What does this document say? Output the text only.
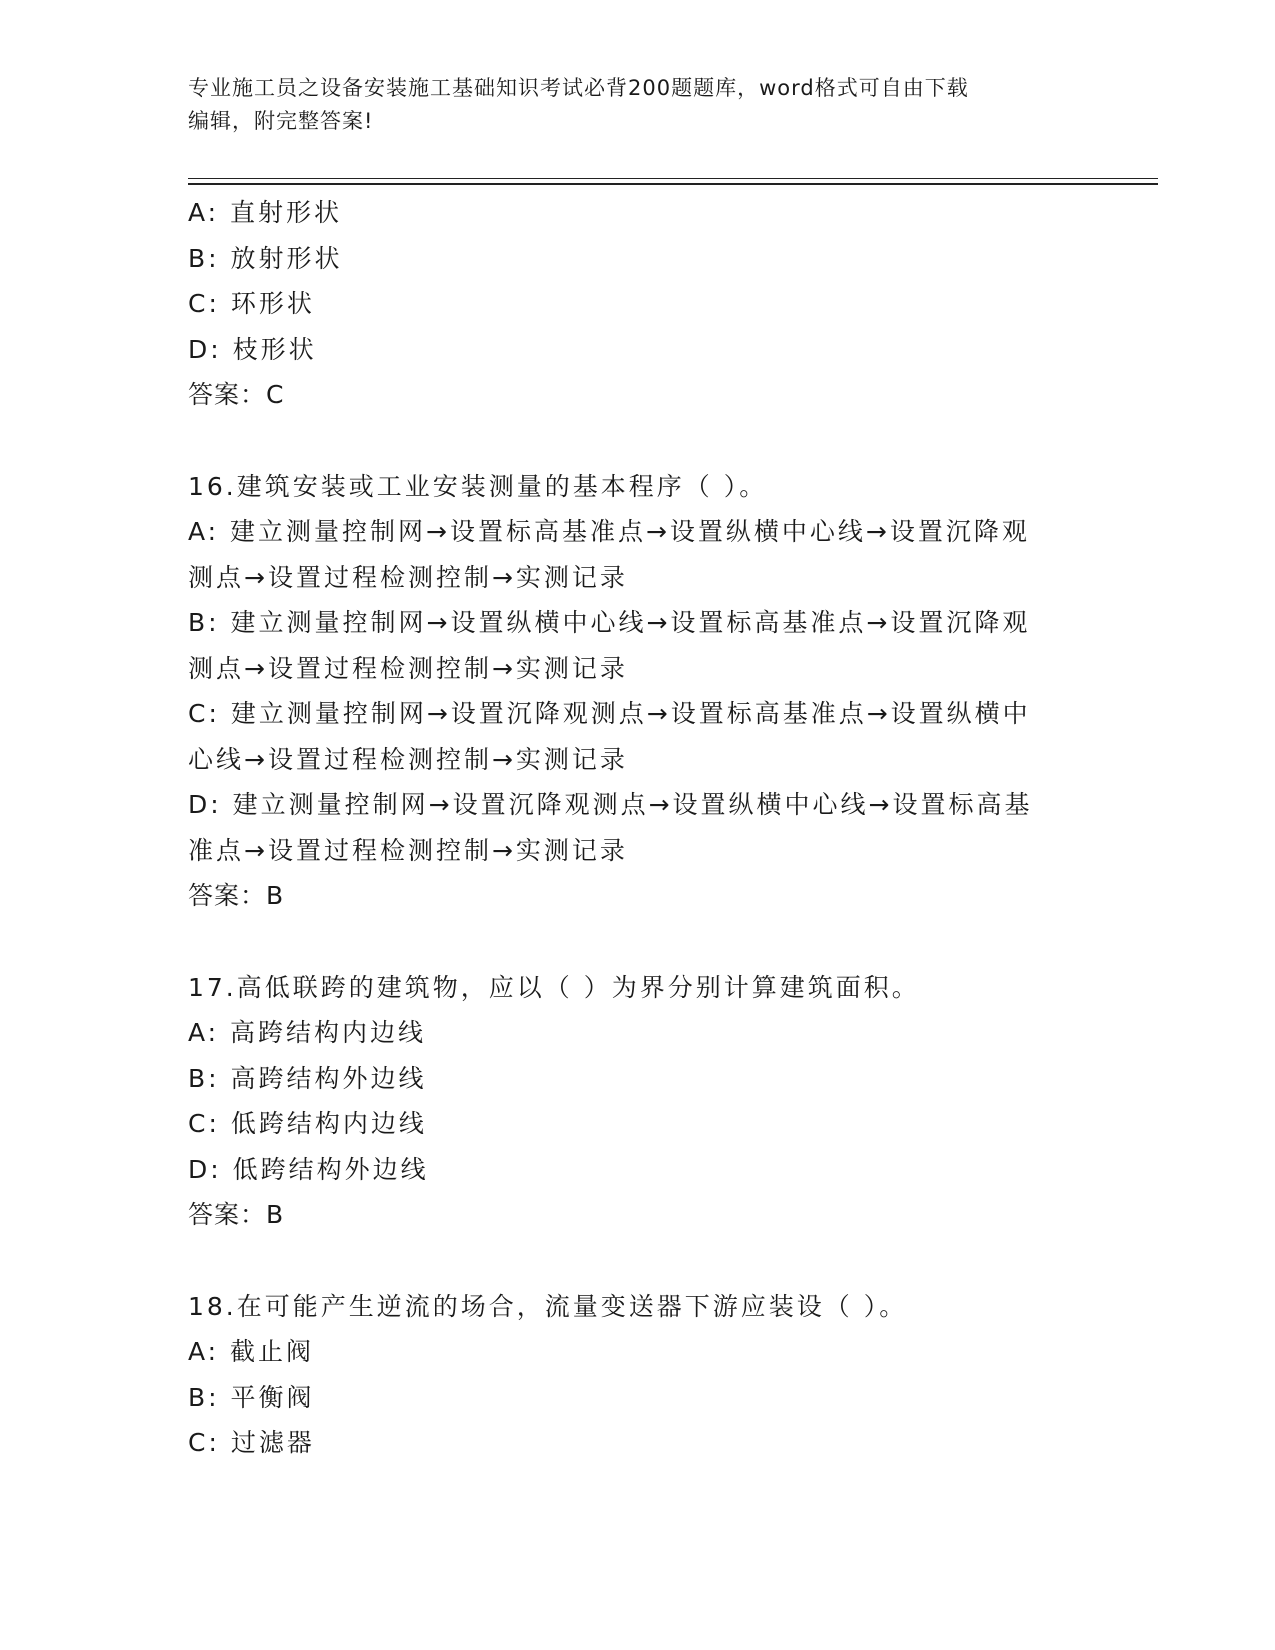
专业施工员之设备安装施工基础知识考试必背200题题库，word格式可自由下载
编辑，附完整答案!
A: 直射形状
B: 放射形状
C: 环形状
D: 枝形状
答案：C
16.建筑安装或工业安装测量的基本程序（ ）。
A: 建立测量控制网→设置标高基准点→设置纵横中心线→设置沉降观
测点→设置过程检测控制→实测记录
B: 建立测量控制网→设置纵横中心线→设置标高基准点→设置沉降观
测点→设置过程检测控制→实测记录
C: 建立测量控制网→设置沉降观测点→设置标高基准点→设置纵横中
心线→设置过程检测控制→实测记录
D: 建立测量控制网→设置沉降观测点→设置纵横中心线→设置标高基
准点→设置过程检测控制→实测记录
答案：B
17.高低联跨的建筑物，应以（ ）为界分别计算建筑面积。
A: 高跨结构内边线
B: 高跨结构外边线
C: 低跨结构内边线
D: 低跨结构外边线
答案：B
18.在可能产生逆流的场合，流量变送器下游应装设（ ）。
A: 截止阀
B: 平衡阀
C: 过滤器
